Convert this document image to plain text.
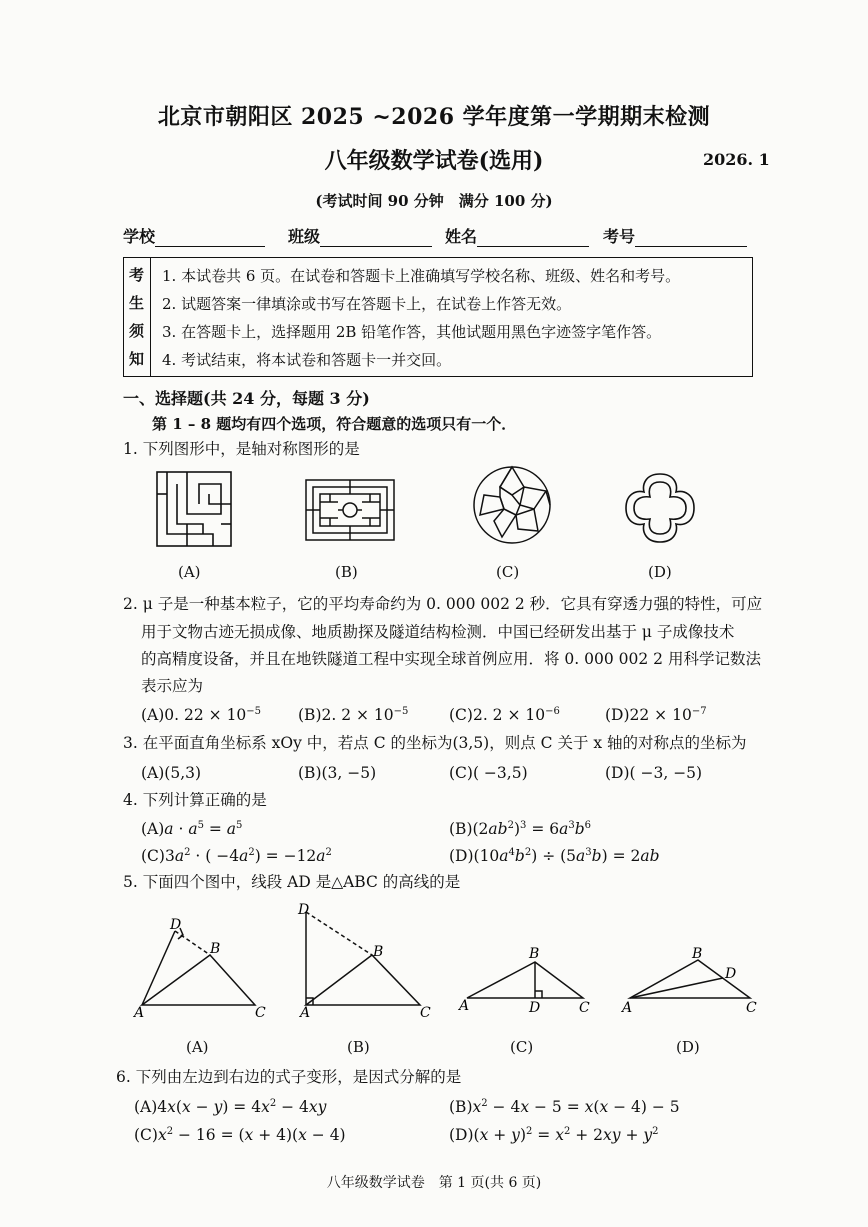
北京市朝阳区 2025 ~2026 学年度第一学期期末检测
八年级数学试卷(选用)	2026. 1
(考试时间 90 分钟　满分 100 分)
学校	班级	姓名	考号
考
生
须
知
1. 本试卷共 6 页。在试卷和答题卡上准确填写学校名称、班级、姓名和考号。
2. 试题答案一律填涂或书写在答题卡上，在试卷上作答无效。
3. 在答题卡上，选择题用 2B 铅笔作答，其他试题用黑色字迹签字笔作答。
4. 考试结束，将本试卷和答题卡一并交回。
一、选择题(共 24 分，每题 3 分)
第 1 – 8 题均有四个选项，符合题意的选项只有一个．
1. 下列图形中，是轴对称图形的是
(A)	(B)	(C)	(D)
2. μ 子是一种基本粒子，它的平均寿命约为 0. 000 002 2 秒．它具有穿透力强的特性，可应
用于文物古迹无损成像、地质勘探及隧道结构检测．中国已经研发出基于 μ 子成像技术
的高精度设备，并且在地铁隧道工程中实现全球首例应用．将 0. 000 002 2 用科学记数法
表示应为
(A)0. $22 \times 10^{-5}$ (B)2. $2 \times 10^{-5}$	(C)2. $2 \times 10^{-6}$	$(D)22 \times 10^{-7}$
3. 在平面直角坐标系 xOy 中，若点 C 的坐标为(3,5)，则点 C 关于 x 轴的对称点的坐标为
(A)(5,3)	(B)(3, −5)	(C)( −3,5)	(D)( −3, −5)
4. 下列计算正确的是
$(A)a \cdot a^5 = a^5$	$(B)(2ab^2)^3 = 6a^3b^6$
$(C)3a^2$ · ( $-4a^2) = -12a^2$	$(D)(10a^4b^2) \div (5a^3b) = 2ab$
5. 下面四个图中，线段 AD 是△ABC 的高线的是
D
B
A	C
D
B
A	C
B
A	D	C
B
D
A	C
(A)	(B)	(C)	(D)
6. 下列由左边到右边的式子变形，是因式分解的是
$(A)4x(x - y) = 4x^2 - 4xy$	$(B)x^2 - 4x - 5 = x(x - 4) - 5$
$(C)x^2 - 16 = (x + 4)(x - 4)$	$(D)(x + y)^2 = x^2 + 2xy + y^2$
八年级数学试卷　第 1 页(共 6 页)
